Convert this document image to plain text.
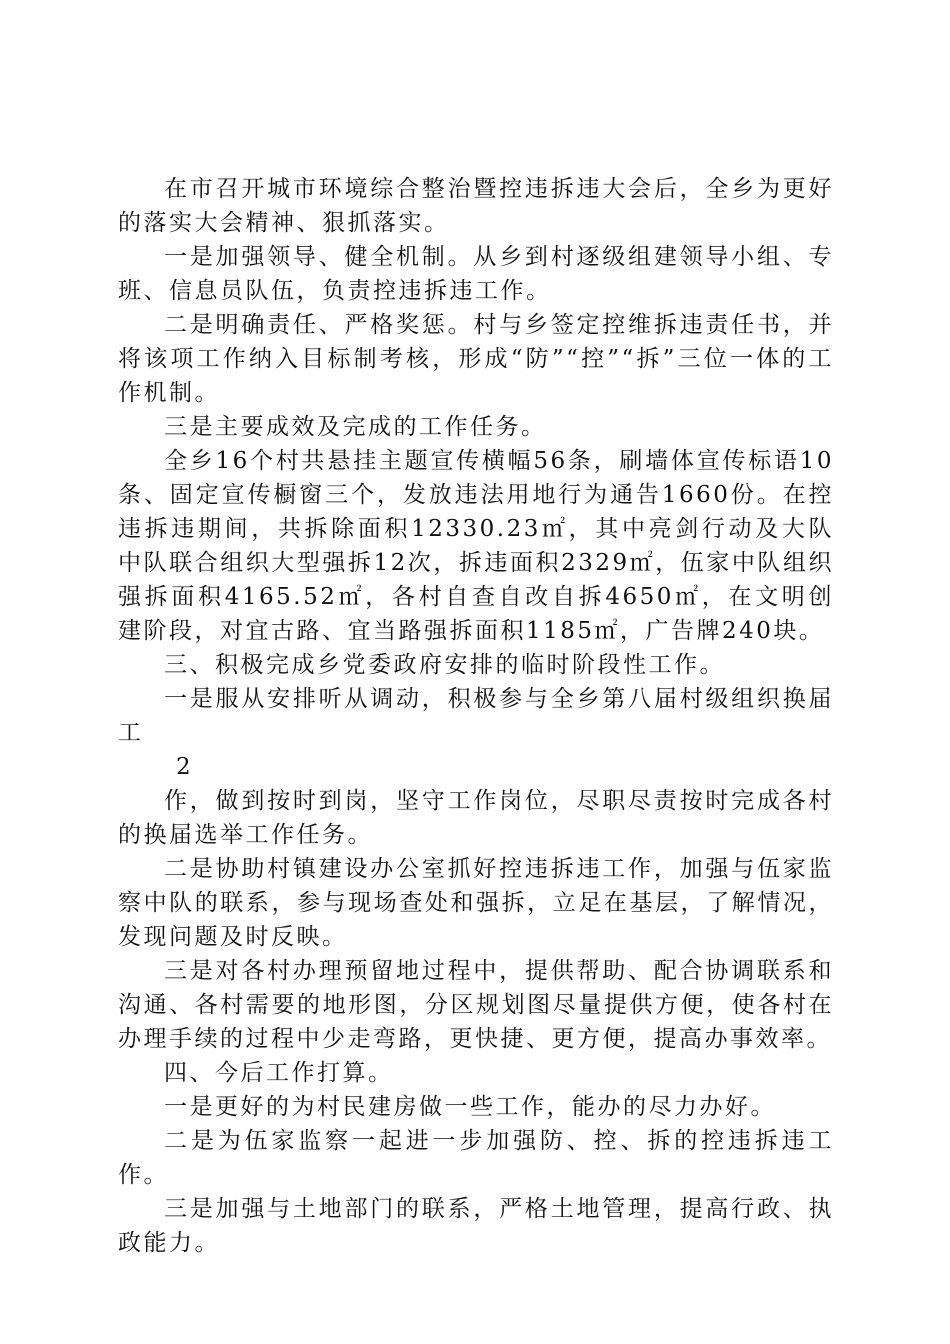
在市召开城市环境综合整治暨控违拆违大会后，全乡为更好的落实大会精神、狠抓落实。

一是加强领导、健全机制。从乡到村逐级组建领导小组、专班、信息员队伍，负责控违拆违工作。

二是明确责任、严格奖惩。村与乡签定控维拆违责任书，并将该项工作纳入目标制考核，形成“防”“控”“拆”三位一体的工作机制。

三是主要成效及完成的工作任务。

全乡16个村共悬挂主题宣传横幅56条，刷墙体宣传标语10条、固定宣传橱窗三个，发放违法用地行为通告1660份。在控违拆违期间，共拆除面积12330.23㎡，其中亮剑行动及大队中队联合组织大型强拆12次，拆违面积2329㎡，伍家中队组织强拆面积4165.52㎡，各村自查自改自拆4650㎡，在文明创建阶段，对宜古路、宜当路强拆面积1185㎡，广告牌240块。

三、积极完成乡党委政府安排的临时阶段性工作。

一是服从安排听从调动，积极参与全乡第八届村级组织换届工

2

作，做到按时到岗，坚守工作岗位，尽职尽责按时完成各村的换届选举工作任务。

二是协助村镇建设办公室抓好控违拆违工作，加强与伍家监察中队的联系，参与现场查处和强拆，立足在基层，了解情况，发现问题及时反映。

三是对各村办理预留地过程中，提供帮助、配合协调联系和沟通、各村需要的地形图，分区规划图尽量提供方便，使各村在办理手续的过程中少走弯路，更快捷、更方便，提高办事效率。

四、今后工作打算。

一是更好的为村民建房做一些工作，能办的尽力办好。

二是为伍家监察一起进一步加强防、控、拆的控违拆违工作。

三是加强与土地部门的联系，严格土地管理，提高行政、执政能力。
